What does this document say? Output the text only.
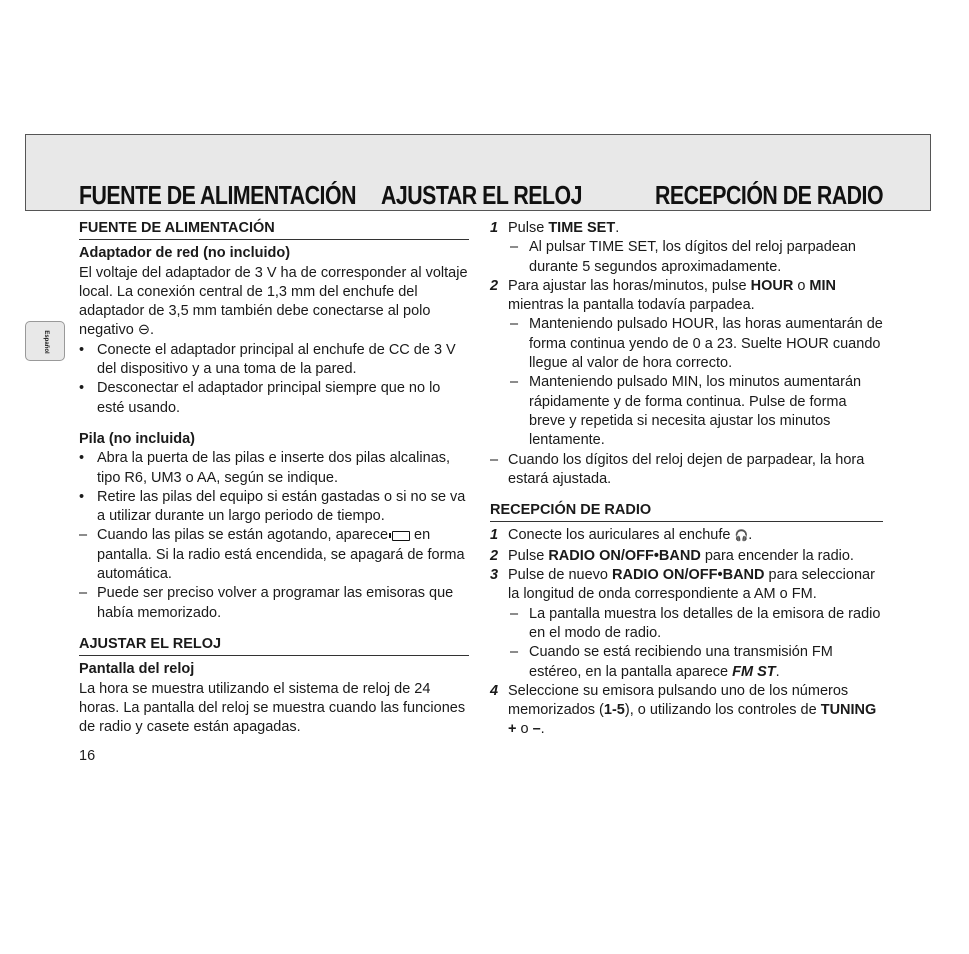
FUENTE DE ALIMENTACIÓN AJUSTAR EL RELOJ	RECEPCIÓN DE RADIO
Español
FUENTE DE ALIMENTACIÓN

Adaptador de red (no incluido)

El voltaje del adaptador de 3 V ha de corresponder al voltaje local. La conexión central de 1,3 mm del enchufe del adaptador de 3,5 mm también debe conectarse al polo negativo ⊖.

• Conecte el adaptador principal al enchufe de CC de 3 V del dispositivo y a una toma de la pared.

• Desconectar el adaptador principal siempre que no lo esté usando.

Pila (no incluida)

• Abra la puerta de las pilas e inserte dos pilas alcalinas, tipo R6, UM3 o AA, según se indique.

• Retire las pilas del equipo si están gastadas o si no se va a utilizar durante un largo periodo de tiempo.

– Cuando las pilas se están agotando, aparece en pantalla. Si la radio está encendida, se apagará de forma automática.

– Puede ser preciso volver a programar las emisoras que había memorizado.

AJUSTAR EL RELOJ

Pantalla del reloj

La hora se muestra utilizando el sistema de reloj de 24 horas. La pantalla del reloj se muestra cuando las funciones de radio y casete están apagadas.

1 Pulse TIME SET.

– Al pulsar TIME SET, los dígitos del reloj parpadean durante 5 segundos aproximadamente.

2 Para ajustar las horas/minutos, pulse HOUR o MIN mientras la pantalla todavía parpadea.

– Manteniendo pulsado HOUR, las horas aumentarán de forma continua yendo de 0 a 23. Suelte HOUR cuando llegue al valor de hora correcto.

– Manteniendo pulsado MIN, los minutos aumentarán rápidamente y de forma continua. Pulse de forma breve y repetida si necesita ajustar los minutos lentamente.

– Cuando los dígitos del reloj dejen de parpadear, la hora estará ajustada.

RECEPCIÓN DE RADIO

1 Conecte los auriculares al enchufe 🎧.

2 Pulse RADIO ON/OFF•BAND para encender la radio.

3 Pulse de nuevo RADIO ON/OFF•BAND para seleccionar la longitud de onda correspondiente a AM o FM.

– La pantalla muestra los detalles de la emisora de radio en el modo de radio.

– Cuando se está recibiendo una transmisión FM estéreo, en la pantalla aparece FM ST.

4 Seleccione su emisora pulsando uno de los números memorizados (1-5), o utilizando los controles de TUNING + o –.

16
